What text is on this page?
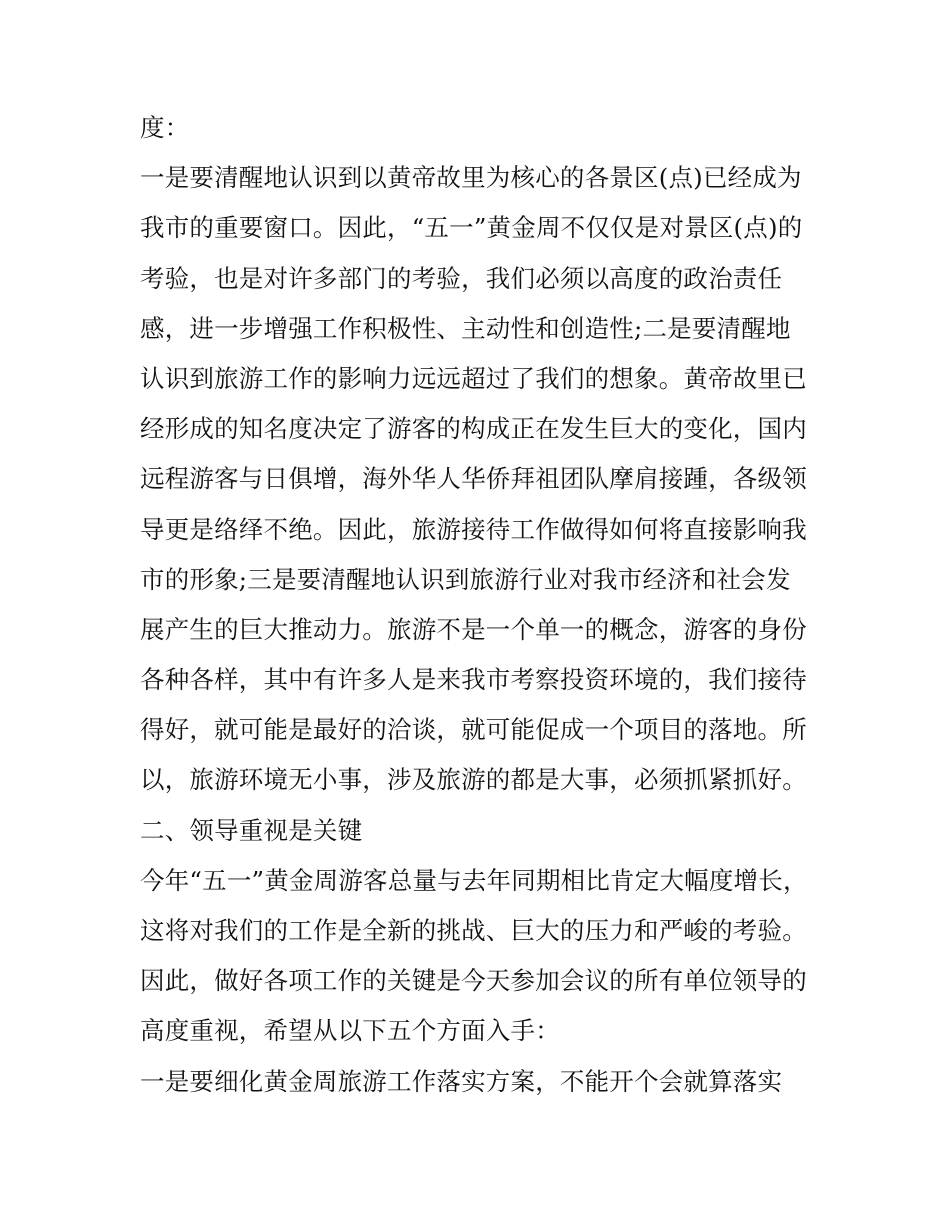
度：
一是要清醒地认识到以黄帝故里为核心的各景区(点)已经成为
我市的重要窗口。因此，“五一”黄金周不仅仅是对景区(点)的
考验，也是对许多部门的考验，我们必须以高度的政治责任
感，进一步增强工作积极性、主动性和创造性;二是要清醒地
认识到旅游工作的影响力远远超过了我们的想象。黄帝故里已
经形成的知名度决定了游客的构成正在发生巨大的变化，国内
远程游客与日俱增，海外华人华侨拜祖团队摩肩接踵，各级领
导更是络绎不绝。因此，旅游接待工作做得如何将直接影响我
市的形象;三是要清醒地认识到旅游行业对我市经济和社会发
展产生的巨大推动力。旅游不是一个单一的概念，游客的身份
各种各样，其中有许多人是来我市考察投资环境的，我们接待
得好，就可能是最好的洽谈，就可能促成一个项目的落地。所
以，旅游环境无小事，涉及旅游的都是大事，必须抓紧抓好。
二、领导重视是关键
今年“五一”黄金周游客总量与去年同期相比肯定大幅度增长，
这将对我们的工作是全新的挑战、巨大的压力和严峻的考验。
因此，做好各项工作的关键是今天参加会议的所有单位领导的
高度重视，希望从以下五个方面入手：
一是要细化黄金周旅游工作落实方案，不能开个会就算落实
